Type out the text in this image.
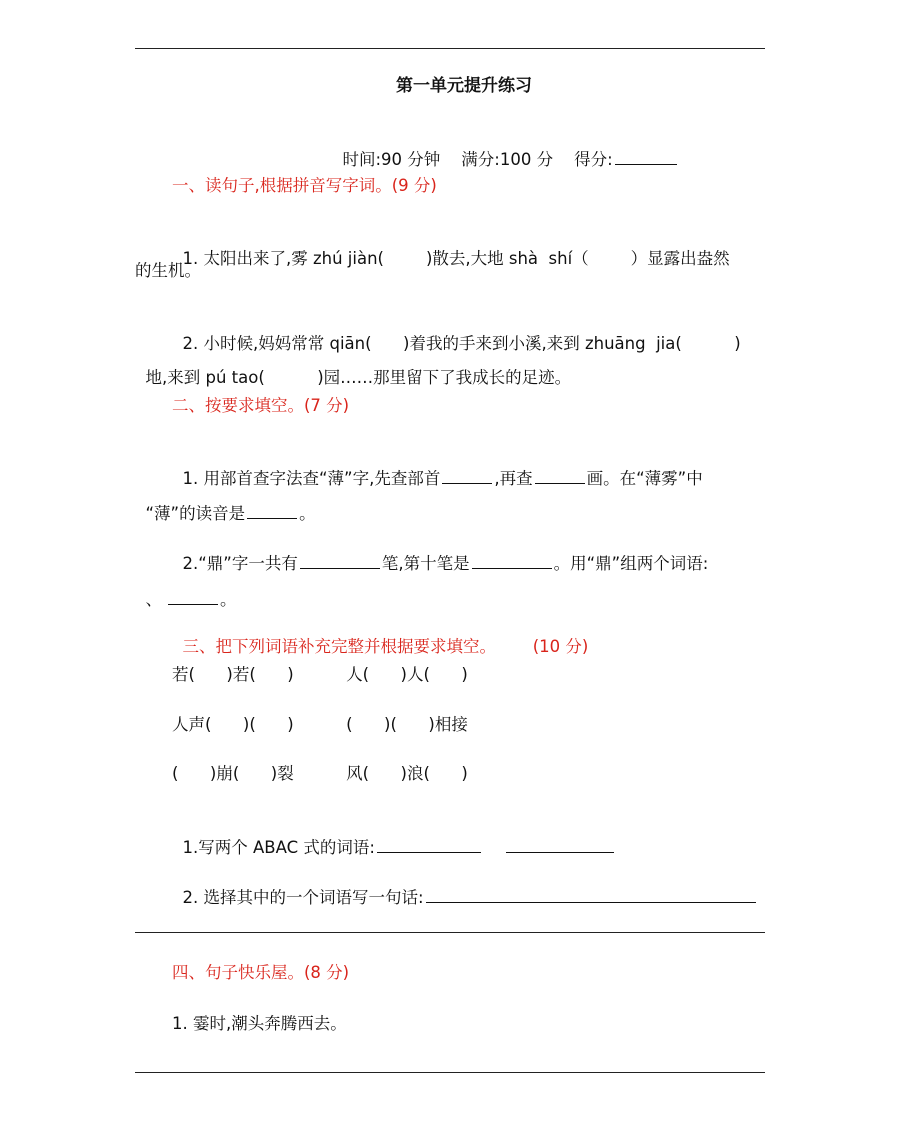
第一单元提升练习

时间:90 分钟 满分:100 分 得分:

一、读句子,根据拼音写字词。(9 分)

1. 太阳出来了,雾 zhú jiàn(	)散去,大地 shà  shí（	）显露出盎然

的生机。

2. 小时候,妈妈常常 qiān( )着我的手来到小溪,来到 zhuāng  jia(	)

地,来到 pú tao(	)园……那里留下了我成长的足迹。

二、按要求填空。(7 分)

1. 用部首查字法查“薄”字,先查部首	,再查	画。在“薄雾”中

“薄”的读音是	。

2.“鼎”字一共有	笔,第十笔是	。用“鼎”组两个词语:

、	。

三、把下列词语补充完整并根据要求填空。 (10 分)

若(      )若(      )          人(      )人(      )
人声(      )(      )          (      )(      )相接
(      )崩(      )裂          风(      )浪(      )

1.写两个 ABAC 式的词语:

2. 选择其中的一个词语写一句话:

四、句子快乐屋。(8 分)
1. 霎时,潮头奔腾西去。
